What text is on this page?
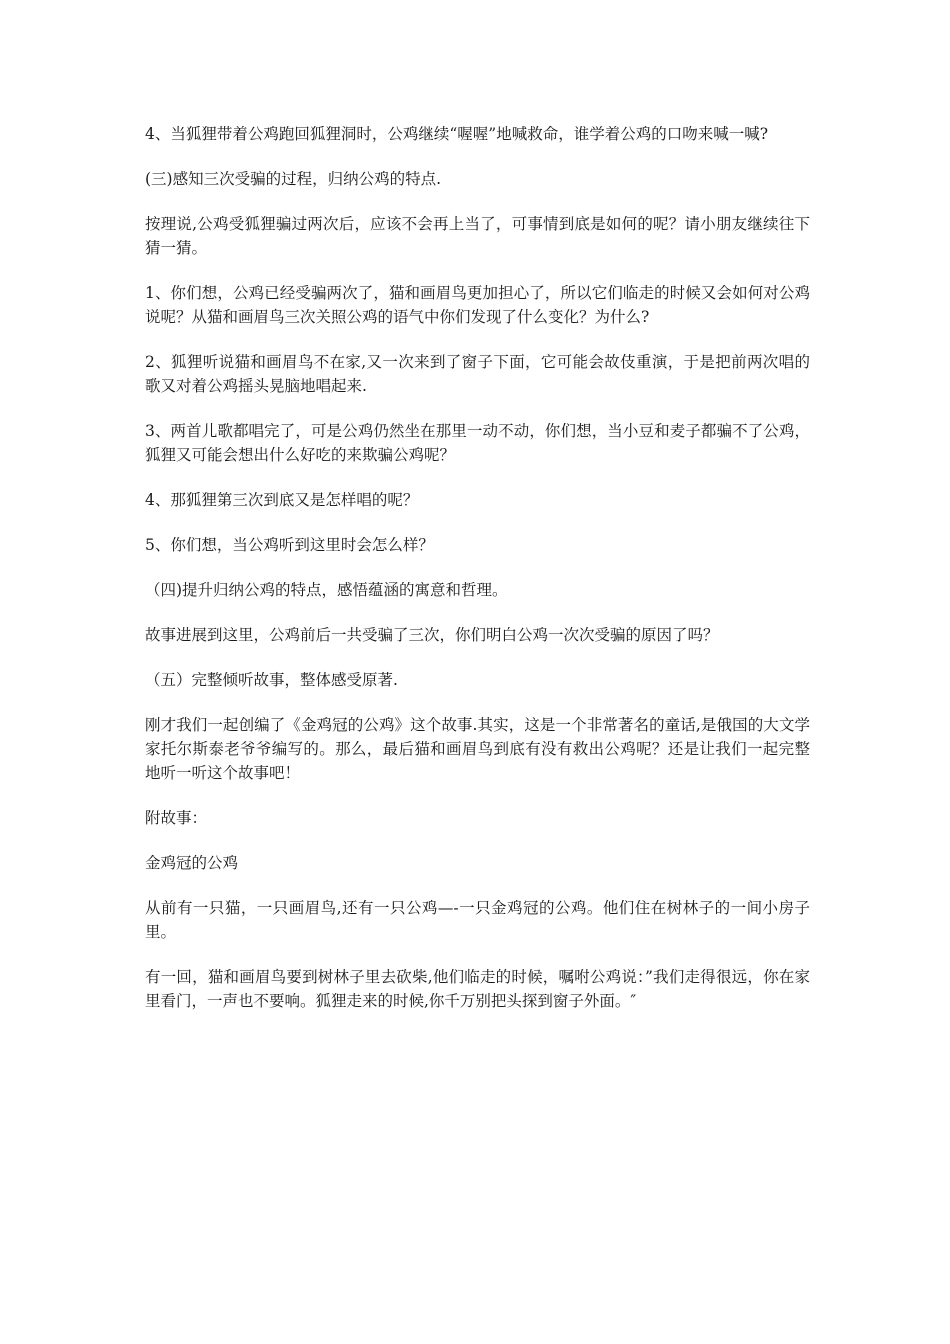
4、当狐狸带着公鸡跑回狐狸洞时，公鸡继续“喔喔”地喊救命，谁学着公鸡的口吻来喊一喊?

(三)感知三次受骗的过程，归纳公鸡的特点.

按理说,公鸡受狐狸骗过两次后，应该不会再上当了，可事情到底是如何的呢？请小朋友继续往下猜一猜。

1、你们想，公鸡已经受骗两次了，猫和画眉鸟更加担心了，所以它们临走的时候又会如何对公鸡说呢？从猫和画眉鸟三次关照公鸡的语气中你们发现了什么变化？为什么?

2、狐狸听说猫和画眉鸟不在家,又一次来到了窗子下面，它可能会故伎重演，于是把前两次唱的歌又对着公鸡摇头晃脑地唱起来.

3、两首儿歌都唱完了，可是公鸡仍然坐在那里一动不动，你们想，当小豆和麦子都骗不了公鸡，狐狸又可能会想出什么好吃的来欺骗公鸡呢？

4、那狐狸第三次到底又是怎样唱的呢？

5、你们想，当公鸡听到这里时会怎么样？

（四)提升归纳公鸡的特点，感悟蕴涵的寓意和哲理。

故事进展到这里，公鸡前后一共受骗了三次，你们明白公鸡一次次受骗的原因了吗？

（五）完整倾听故事，整体感受原著.

刚才我们一起创编了《金鸡冠的公鸡》这个故事.其实，这是一个非常著名的童话,是俄国的大文学家托尔斯泰老爷爷编写的。那么，最后猫和画眉鸟到底有没有救出公鸡呢？还是让我们一起完整地听一听这个故事吧！

附故事：

金鸡冠的公鸡

从前有一只猫，一只画眉鸟,还有一只公鸡—-一只金鸡冠的公鸡。他们住在树林子的一间小房子里。

有一回，猫和画眉鸟要到树林子里去砍柴,他们临走的时候，嘱咐公鸡说：”我们走得很远，你在家里看门，一声也不要响。狐狸走来的时候,你千万别把头探到窗子外面。″
